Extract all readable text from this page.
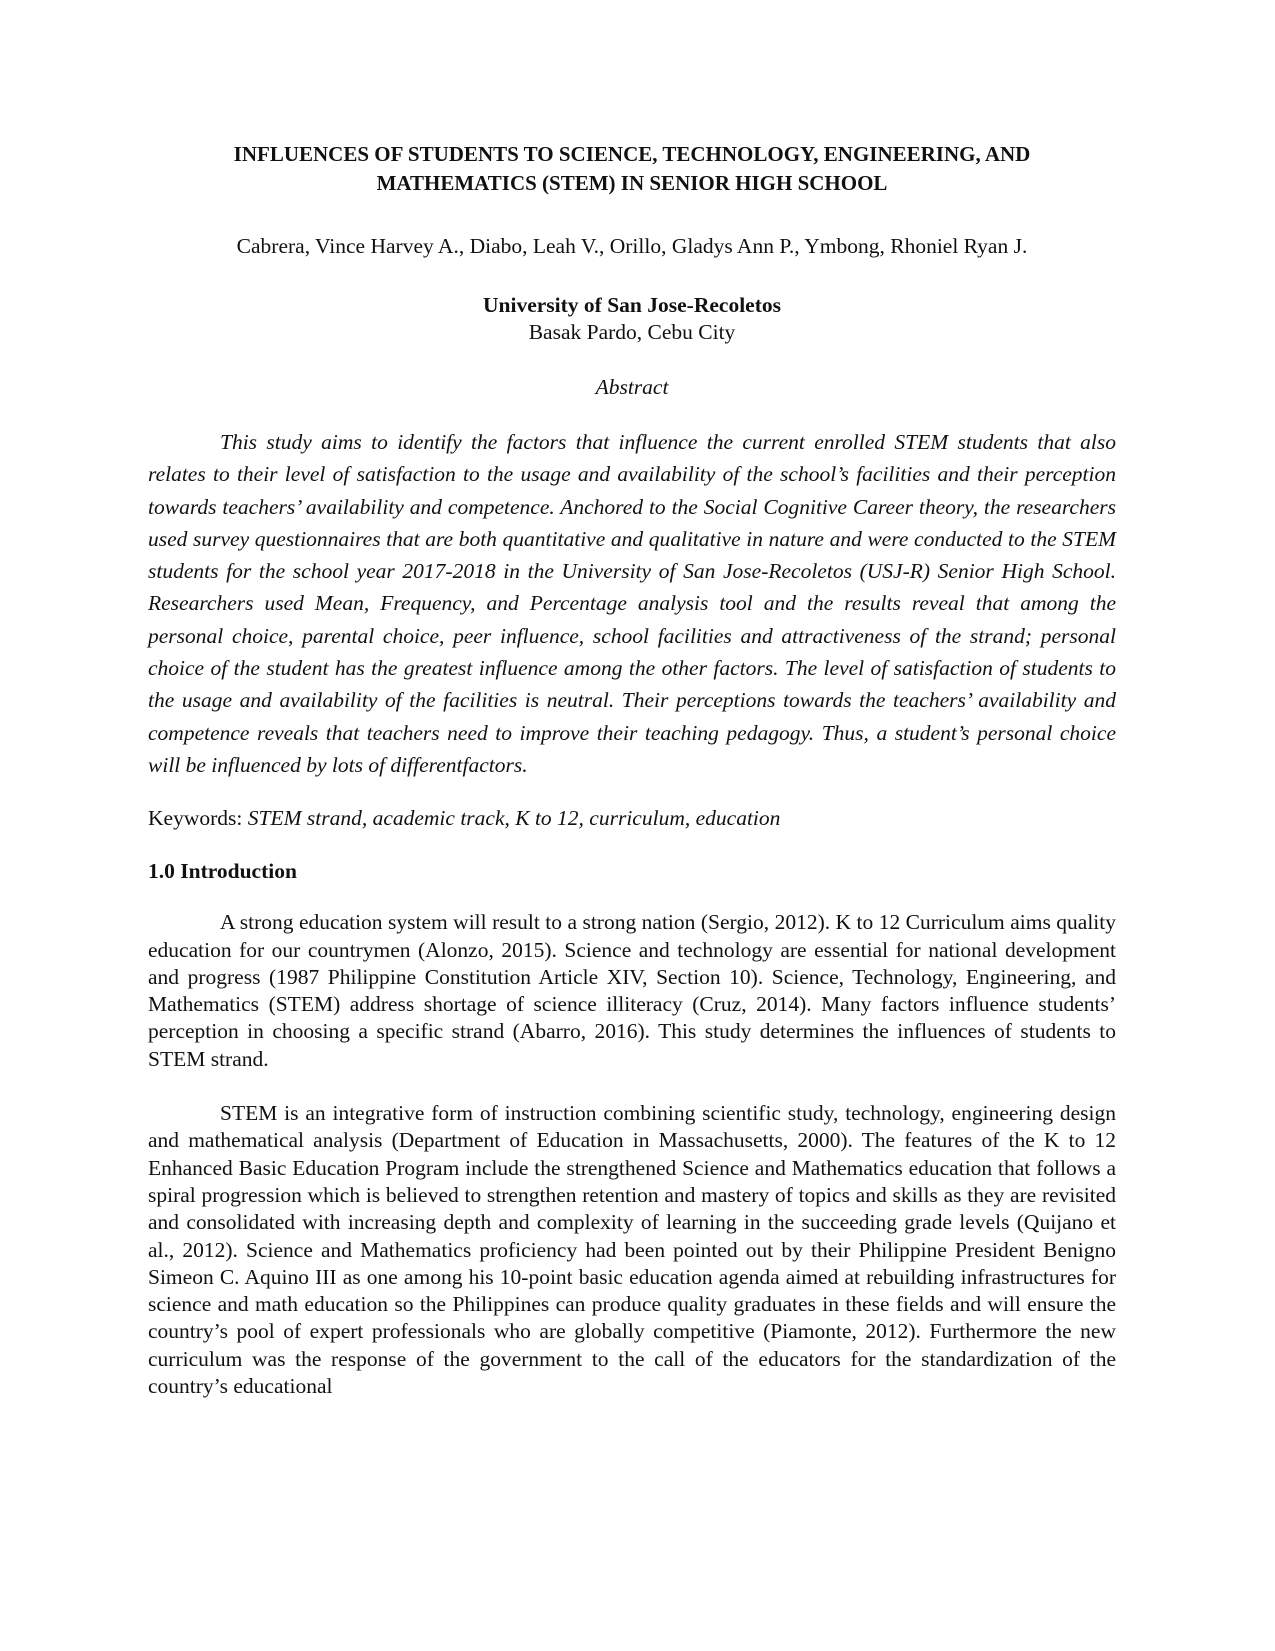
INFLUENCES OF STUDENTS TO SCIENCE, TECHNOLOGY, ENGINEERING, AND
MATHEMATICS (STEM) IN SENIOR HIGH SCHOOL

Cabrera, Vince Harvey A., Diabo, Leah V., Orillo, Gladys Ann P., Ymbong, Rhoniel Ryan J.

University of San Jose-Recoletos
Basak Pardo, Cebu City

Abstract

This study aims to identify the factors that influence the current enrolled STEM students that also relates to their level of satisfaction to the usage and availability of the school’s facilities and their perception towards teachers’ availability and competence. Anchored to the Social Cognitive Career theory, the researchers used survey questionnaires that are both quantitative and qualitative in nature and were conducted to the STEM students for the school year 2017-2018 in the University of San Jose-Recoletos (USJ-R) Senior High School. Researchers used Mean, Frequency, and Percentage analysis tool and the results reveal that among the personal choice, parental choice, peer influence, school facilities and attractiveness of the strand; personal choice of the student has the greatest influence among the other factors. The level of satisfaction of students to the usage and availability of the facilities is neutral. Their perceptions towards the teachers’ availability and competence reveals that teachers need to improve their teaching pedagogy. Thus, a student’s personal choice will be influenced by lots of differentfactors.

Keywords: STEM strand, academic track, K to 12, curriculum, education

1.0 Introduction

A strong education system will result to a strong nation (Sergio, 2012). K to 12 Curriculum aims quality education for our countrymen (Alonzo, 2015). Science and technology are essential for national development and progress (1987 Philippine Constitution Article XIV, Section 10). Science, Technology, Engineering, and Mathematics (STEM) address shortage of science illiteracy (Cruz, 2014). Many factors influence students’ perception in choosing a specific strand (Abarro, 2016). This study determines the influences of students to STEM strand.

STEM is an integrative form of instruction combining scientific study, technology, engineering design and mathematical analysis (Department of Education in Massachusetts, 2000). The features of the K to 12 Enhanced Basic Education Program include the strengthened Science and Mathematics education that follows a spiral progression which is believed to strengthen retention and mastery of topics and skills as they are revisited and consolidated with increasing depth and complexity of learning in the succeeding grade levels (Quijano et al., 2012). Science and Mathematics proficiency had been pointed out by their Philippine President Benigno Simeon C. Aquino III as one among his 10-point basic education agenda aimed at rebuilding infrastructures for science and math education so the Philippines can produce quality graduates in these fields and will ensure the country’s pool of expert professionals who are globally competitive (Piamonte, 2012). Furthermore the new curriculum was the response of the government to the call of the educators for the standardization of the country’s educational
